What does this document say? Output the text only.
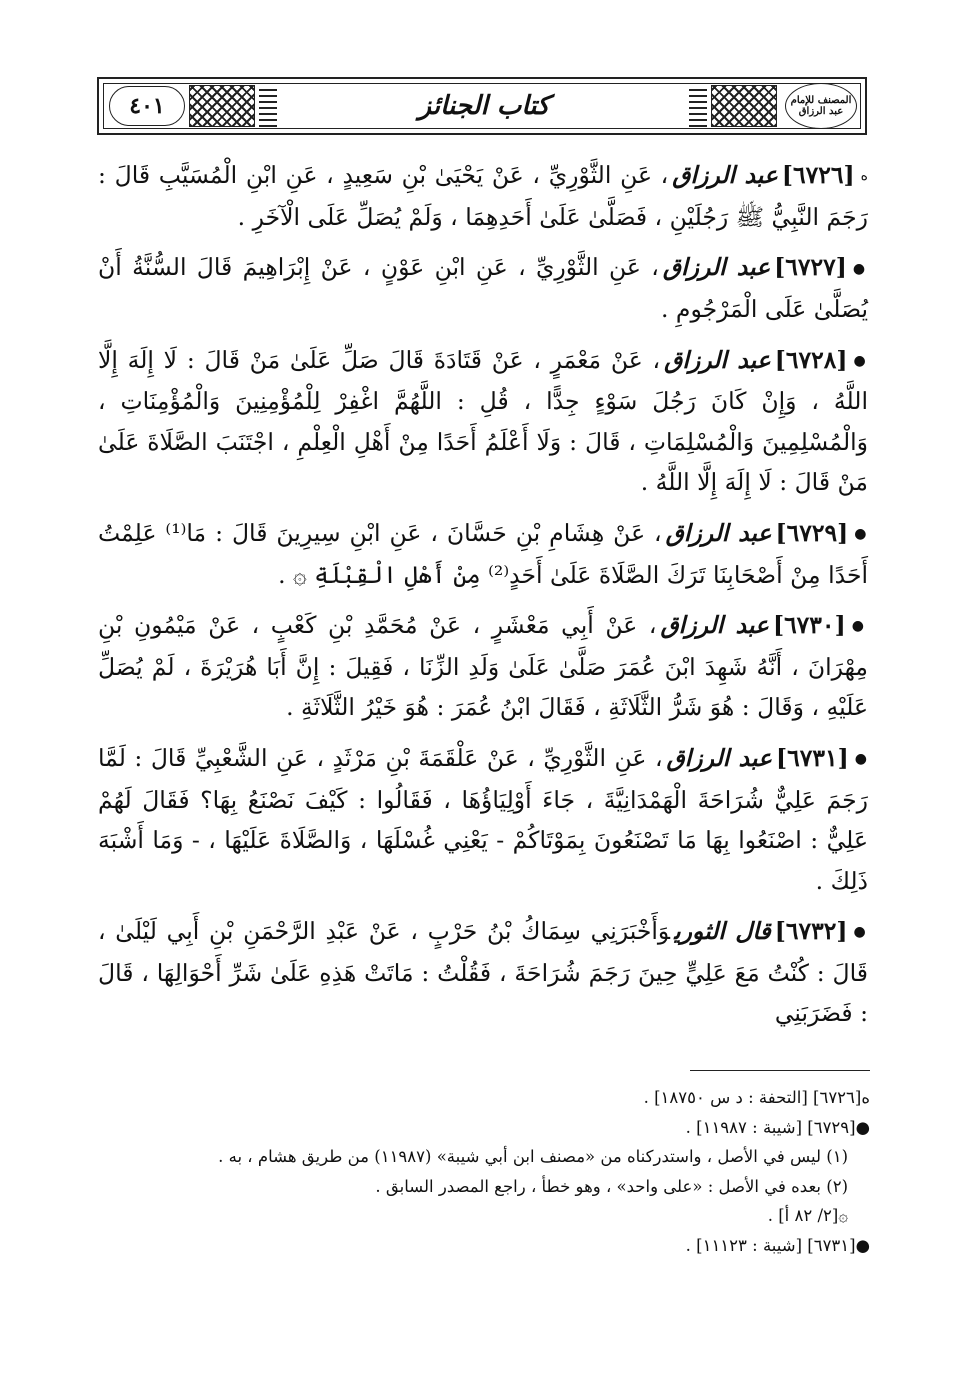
٤٠١	كتاب الجنائز	المصنف للإمام عبد الرزاق

ه[٦٧٢٦]عبد الرزاق، عَنِ الثَّوْرِيِّ ، عَنْ يَحْيَىٰ بْنِ سَعِيدٍ ، عَنِ ابْنِ الْمُسَيَّبِ قَالَ : رَجَمَ النَّبِيُّ ﷺ رَجُلَيْنِ ، فَصَلَّىٰ عَلَىٰ أَحَدِهِمَا ، وَلَمْ يُصَلِّ عَلَى الْآخَرِ .

●[٦٧٢٧]عبد الرزاق، عَنِ الثَّوْرِيِّ ، عَنِ ابْنِ عَوْنٍ ، عَنْ إِبْرَاهِيمَ قَالَ السُّنَّةُ أَنْ يُصَلَّىٰ عَلَى الْمَرْجُومِ .

●[٦٧٢٨]عبد الرزاق، عَنْ مَعْمَرٍ ، عَنْ قَتَادَةَ قَالَ صَلِّ عَلَىٰ مَنْ قَالَ : لَا إِلَهَ إِلَّا اللَّهُ ، وَإِنْ كَانَ رَجُلَ سَوْءٍ جِدًّا ، قُلِ : اللَّهُمَّ اغْفِرْ لِلْمُؤْمِنِينَ وَالْمُؤْمِنَاتِ ، وَالْمُسْلِمِينَ وَالْمُسْلِمَاتِ ، قَالَ : وَلَا أَعْلَمُ أَحَدًا مِنْ أَهْلِ الْعِلْمِ ، اجْتَنَبَ الصَّلَاةَ عَلَىٰ مَنْ قَالَ : لَا إِلَهَ إِلَّا اللَّهُ .

●[٦٧٢٩]عبد الرزاق، عَنْ هِشَامِ بْنِ حَسَّانَ ، عَنِ ابْنِ سِيرِينَ قَالَ : مَا⁽¹⁾ عَلِمْتُ أَحَدًا مِنْ أَصْحَابِنَا تَرَكَ الصَّلَاةَ عَلَىٰ أَحَدٍ⁽²⁾ مِنْ أَهْلِ الْقِبْلَةِ ۞ .

●[٦٧٣٠]عبد الرزاق، عَنْ أَبِي مَعْشَرٍ ، عَنْ مُحَمَّدِ بْنِ كَعْبٍ ، عَنْ مَيْمُونِ بْنِ مِهْرَانَ ، أَنَّهُ شَهِدَ ابْنَ عُمَرَ صَلَّىٰ عَلَىٰ وَلَدِ الزِّنَا ، فَقِيلَ : إِنَّ أَبَا هُرَيْرَةَ ، لَمْ يُصَلِّ عَلَيْهِ ، وَقَالَ : هُوَ شَرُّ الثَّلَاثَةِ ، فَقَالَ ابْنُ عُمَرَ : هُوَ خَيْرُ الثَّلَاثَةِ .

●[٦٧٣١]عبد الرزاق، عَنِ الثَّوْرِيِّ ، عَنْ عَلْقَمَةَ بْنِ مَرْثَدٍ ، عَنِ الشَّعْبِيِّ قَالَ : لَمَّا رَجَمَ عَلِيٌّ شُرَاحَةَ الْهَمْدَانِيَّةَ ، جَاءَ أَوْلِيَاؤُهَا ، فَقَالُوا : كَيْفَ نَصْنَعُ بِهَا؟ فَقَالَ لَهُمْ عَلِيٌّ : اصْنَعُوا بِهَا مَا تَصْنَعُونَ بِمَوْتَاكُمْ - يَعْنِي غُسْلَهَا ، وَالصَّلَاةَ عَلَيْهَا ، - وَمَا أَشْبَهَ ذَلِكَ .

●[٦٧٣٢]قال الثوريوَأَخْبَرَنِي سِمَاكُ بْنُ حَرْبٍ ، عَنْ عَبْدِ الرَّحْمَنِ بْنِ أَبِي لَيْلَىٰ ، قَالَ : كُنْتُ مَعَ عَلِيٍّ حِينَ رَجَمَ شُرَاحَةَ ، فَقُلْتُ : مَاتَتْ هَذِهِ عَلَىٰ شَرِّ أَحْوَالِهَا ، قَالَ : فَضَرَبَنِي

ه[٦٧٢٦] [التحفة : د س ١٨٧٥٠] .
●[٦٧٢٩] [شيبة : ١١٩٨٧] .
(١) ليس في الأصل ، واستدركناه من «مصنف ابن أبي شيبة» (١١٩٨٧) من طريق هشام ، به .
(٢) بعده في الأصل : «على واحد» ، وهو خطأ ، راجع المصدر السابق .
۞[٢/ ٨٢ أ] .
●[٦٧٣١] [شيبة : ١١١٢٣] .
